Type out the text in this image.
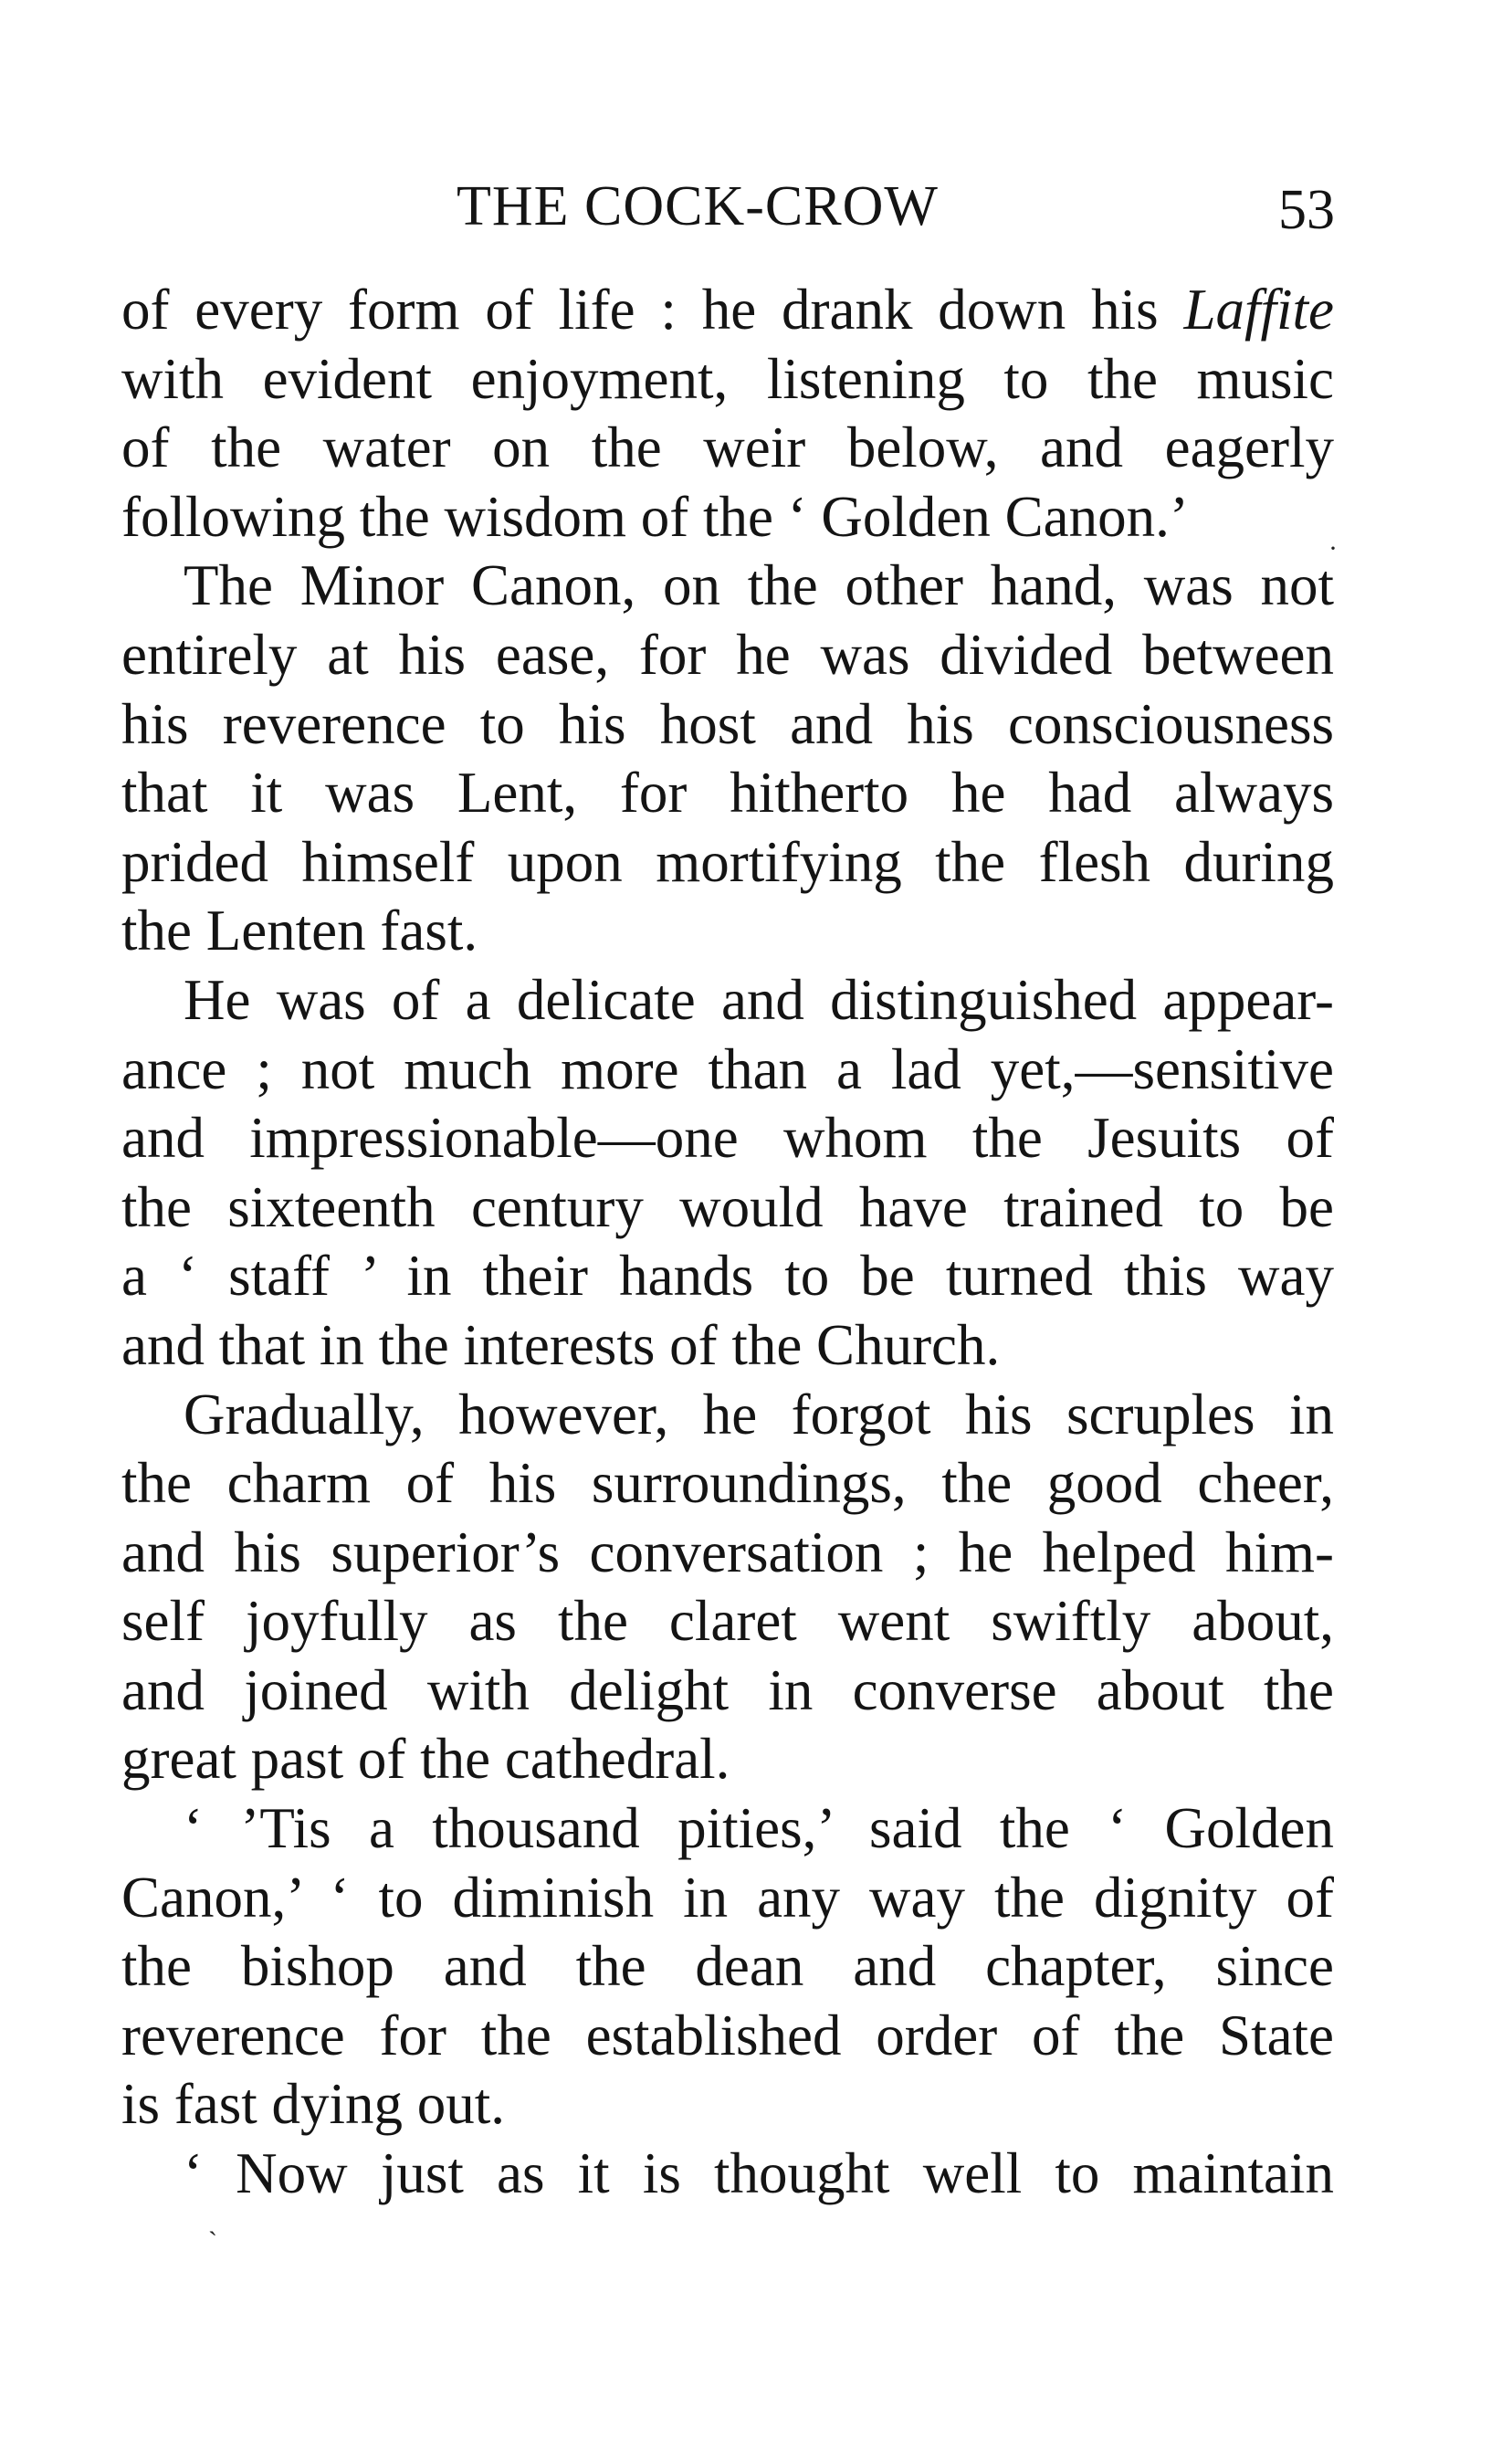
THE COCK-CROW	53
of every form of life : he drank down his Laffite
with evident enjoyment, listening to the music
of the water on the weir below, and eagerly
following the wisdom of the ‘ Golden Canon.’
The Minor Canon, on the other hand, was not
entirely at his ease, for he was divided between
his reverence to his host and his consciousness
that it was Lent, for hitherto he had always
prided himself upon mortifying the flesh during
the Lenten fast.
He was of a delicate and distinguished appear-
ance ; not much more than a lad yet,—sensitive
and impressionable—one whom the Jesuits of
the sixteenth century would have trained to be
a ‘ staff ’ in their hands to be turned this way
and that in the interests of the Church.
Gradually, however, he forgot his scruples in
the charm of his surroundings, the good cheer,
and his superior’s conversation ; he helped him-
self joyfully as the claret went swiftly about,
and joined with delight in converse about the
great past of the cathedral.
‘ ’Tis a thousand pities,’ said the ‘ Golden
Canon,’ ‘ to diminish in any way the dignity of
the bishop and the dean and chapter, since
reverence for the established order of the State
is fast dying out.
‘ Now just as it is thought well to maintain
·
ˋ
